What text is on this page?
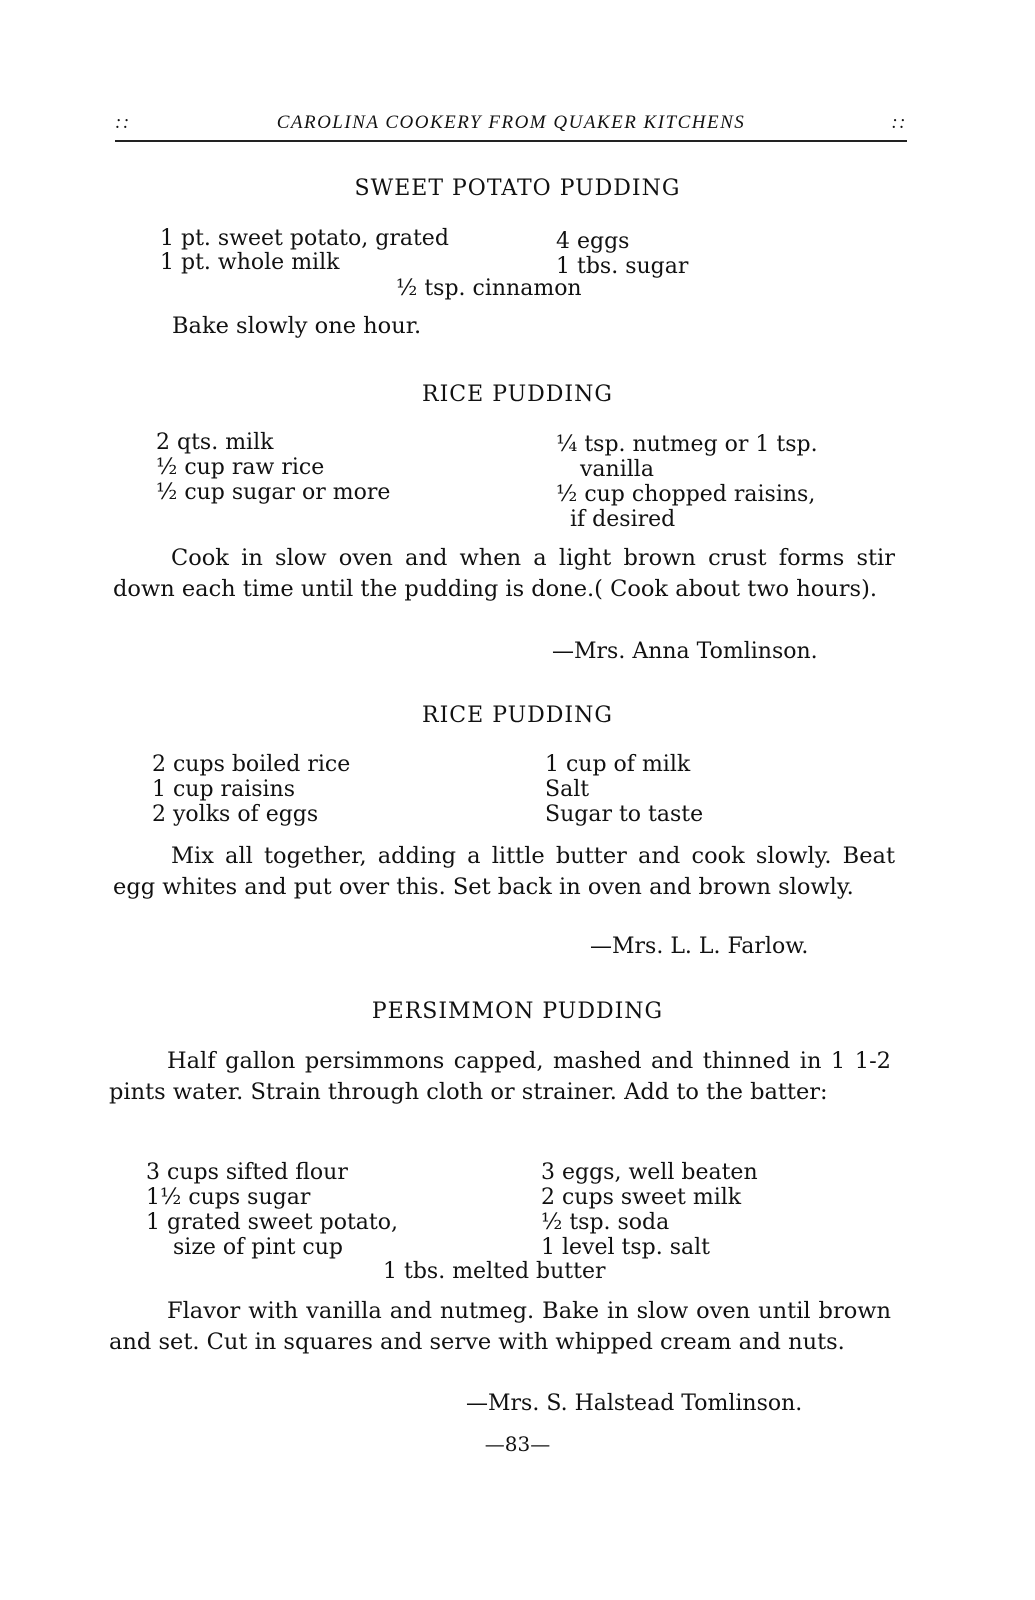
::	CAROLINA COOKERY FROM QUAKER KITCHENS	::
SWEET POTATO PUDDING
1 pt. sweet potato, grated
1 pt. whole milk
4 eggs
1 tbs. sugar
½ tsp. cinnamon
Bake slowly one hour.
RICE PUDDING
2 qts. milk
½ cup raw rice
½ cup sugar or more
¼ tsp. nutmeg or 1 tsp.
vanilla
½ cup chopped raisins,
if desired
Cook in slow oven and when a light brown crust forms stir down each time until the pudding is done.( Cook about two hours).
—Mrs. Anna Tomlinson.
RICE PUDDING
2 cups boiled rice
1 cup raisins
2 yolks of eggs
1 cup of milk
Salt
Sugar to taste
Mix all together, adding a little butter and cook slowly. Beat egg whites and put over this. Set back in oven and brown slowly.
—Mrs. L. L. Farlow.
PERSIMMON PUDDING
Half gallon persimmons capped, mashed and thinned in 1 1-2 pints water. Strain through cloth or strainer. Add to the batter:
3 cups sifted flour
1½ cups sugar
1 grated sweet potato,
size of pint cup
3 eggs, well beaten
2 cups sweet milk
½ tsp. soda
1 level tsp. salt
1 tbs. melted butter
Flavor with vanilla and nutmeg. Bake in slow oven until brown and set. Cut in squares and serve with whipped cream and nuts.
—Mrs. S. Halstead Tomlinson.
—83—
